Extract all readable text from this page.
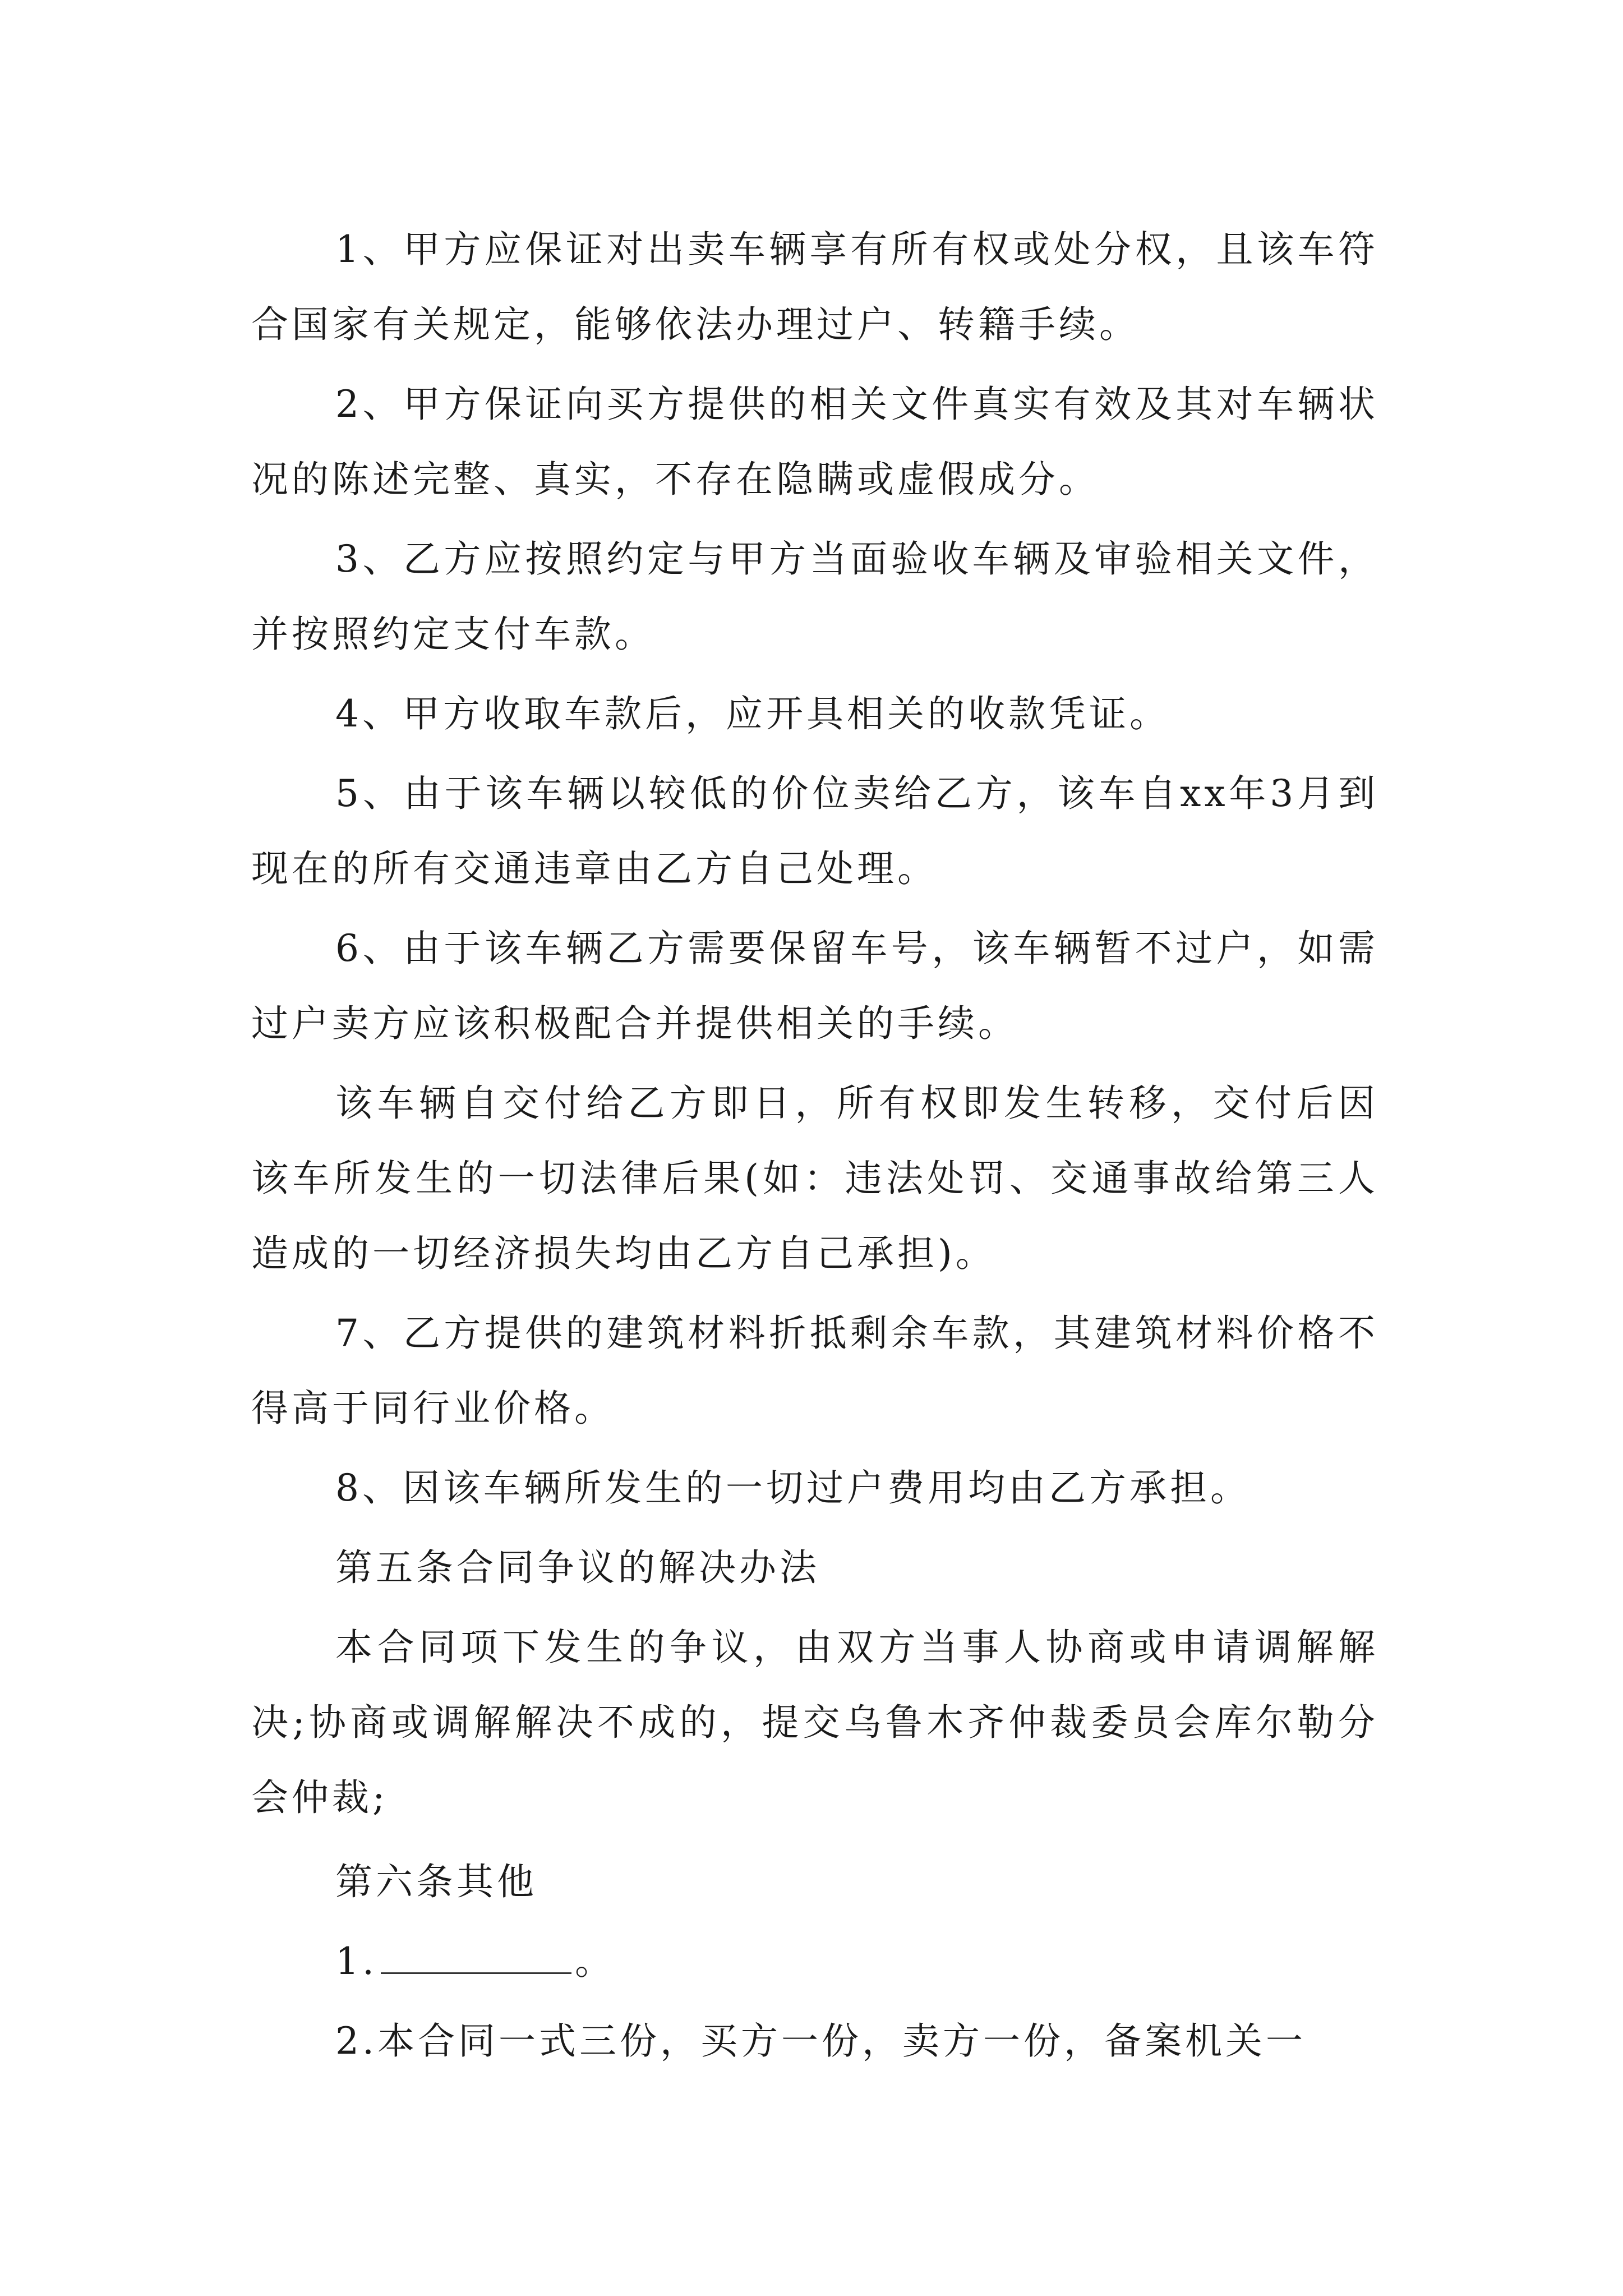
1、甲方应保证对出卖车辆享有所有权或处分权，且该车符合国家有关规定，能够依法办理过户、转籍手续。

2、甲方保证向买方提供的相关文件真实有效及其对车辆状况的陈述完整、真实，不存在隐瞒或虚假成分。

3、乙方应按照约定与甲方当面验收车辆及审验相关文件，并按照约定支付车款。

4、甲方收取车款后，应开具相关的收款凭证。

5、由于该车辆以较低的价位卖给乙方，该车自xx年3月到现在的所有交通违章由乙方自己处理。

6、由于该车辆乙方需要保留车号，该车辆暂不过户，如需过户卖方应该积极配合并提供相关的手续。

该车辆自交付给乙方即日，所有权即发生转移，交付后因该车所发生的一切法律后果(如：违法处罚、交通事故给第三人造成的一切经济损失均由乙方自己承担)。

7、乙方提供的建筑材料折抵剩余车款，其建筑材料价格不得高于同行业价格。

8、因该车辆所发生的一切过户费用均由乙方承担。

第五条合同争议的解决办法

本合同项下发生的争议，由双方当事人协商或申请调解解决;协商或调解解决不成的，提交乌鲁木齐仲裁委员会库尔勒分会仲裁;

第六条其他

1.	。

2.本合同一式三份，买方一份，卖方一份，备案机关一
